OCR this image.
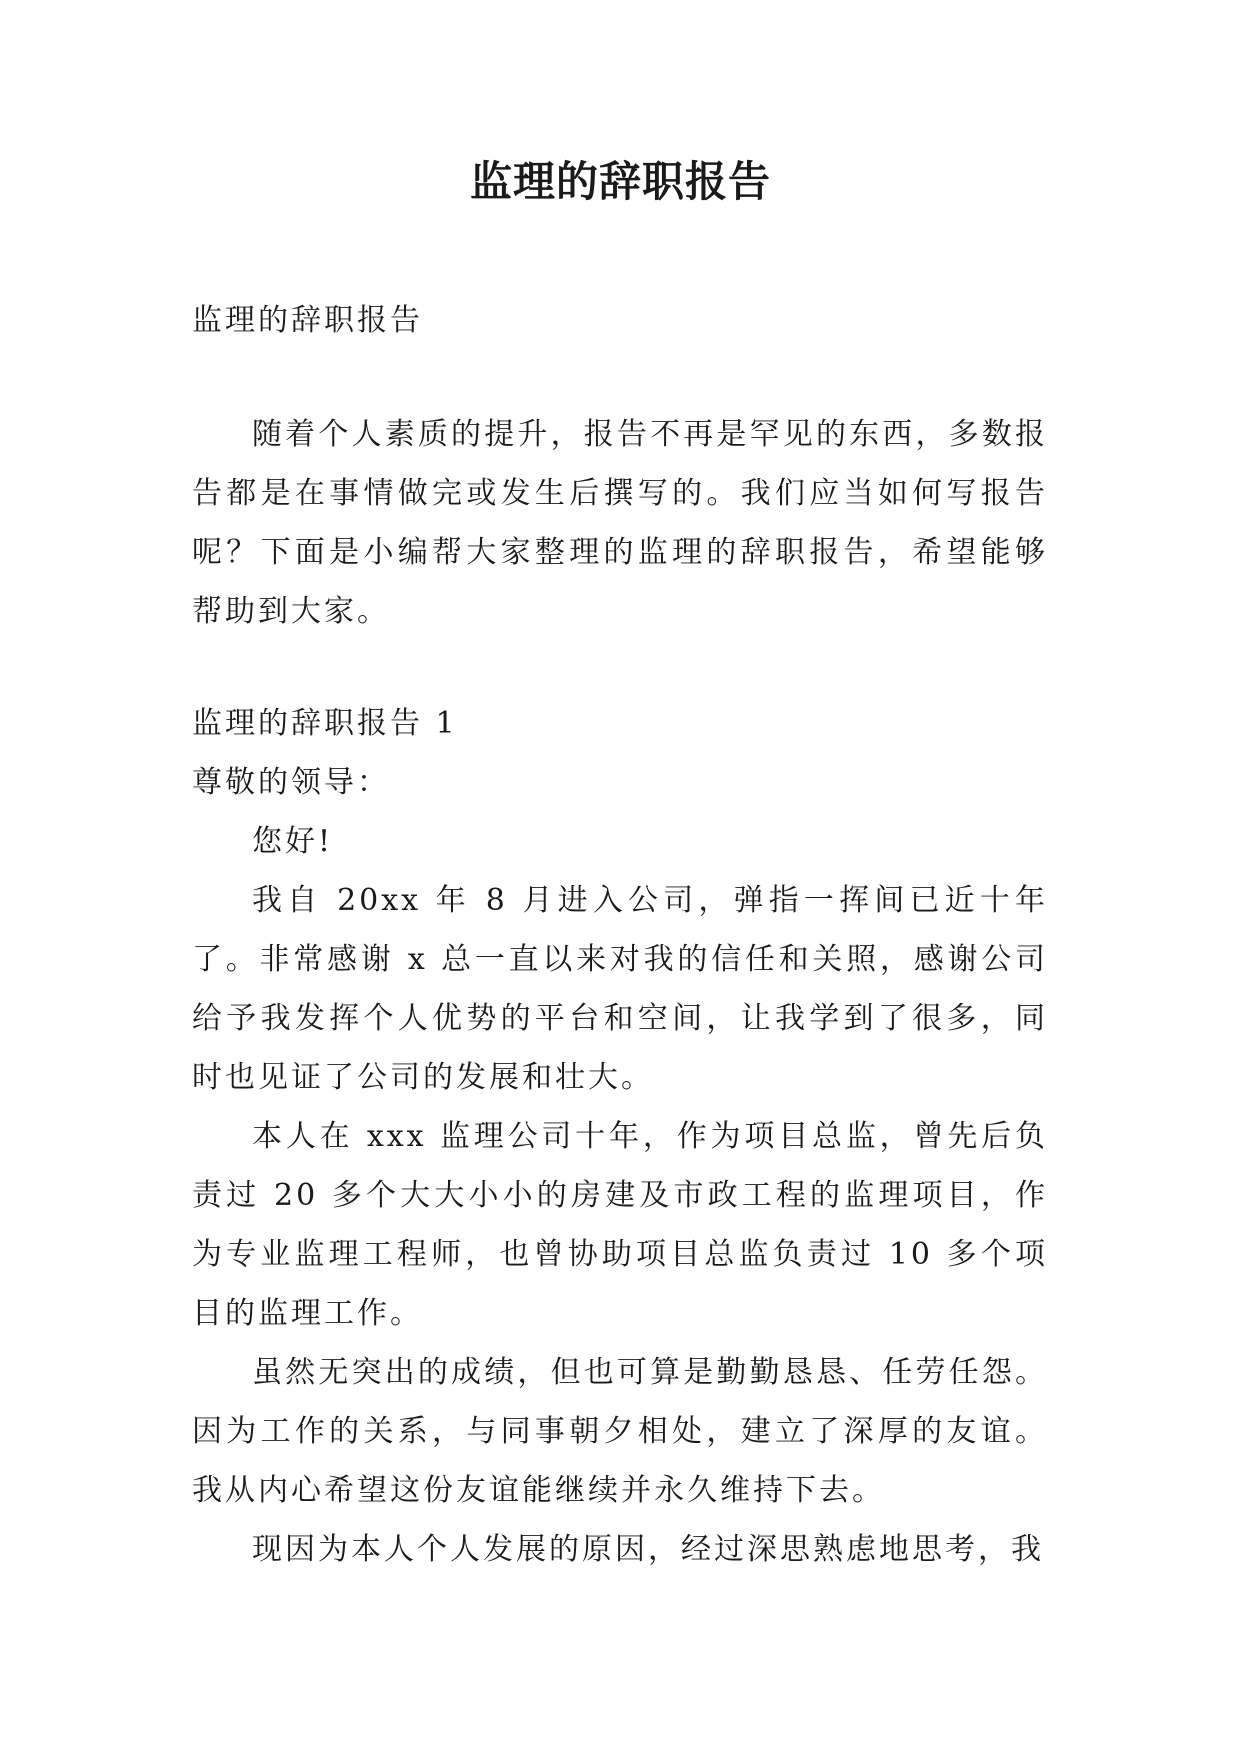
监理的辞职报告

监理的辞职报告

随着个人素质的提升，报告不再是罕见的东西，多数报告都是在事情做完或发生后撰写的。我们应当如何写报告呢？下面是小编帮大家整理的监理的辞职报告，希望能够帮助到大家。

监理的辞职报告 1

尊敬的领导：

您好!

我自 20xx 年 8 月进入公司，弹指一挥间已近十年了。非常感谢 x 总一直以来对我的信任和关照，感谢公司给予我发挥个人优势的平台和空间，让我学到了很多，同时也见证了公司的发展和壮大。

本人在 xxx 监理公司十年，作为项目总监，曾先后负责过 20 多个大大小小的房建及市政工程的监理项目，作为专业监理工程师，也曾协助项目总监负责过 10 多个项目的监理工作。

虽然无突出的成绩，但也可算是勤勤恳恳、任劳任怨。因为工作的关系，与同事朝夕相处，建立了深厚的友谊。我从内心希望这份友谊能继续并永久维持下去。

现因为本人个人发展的原因，经过深思熟虑地思考，我
